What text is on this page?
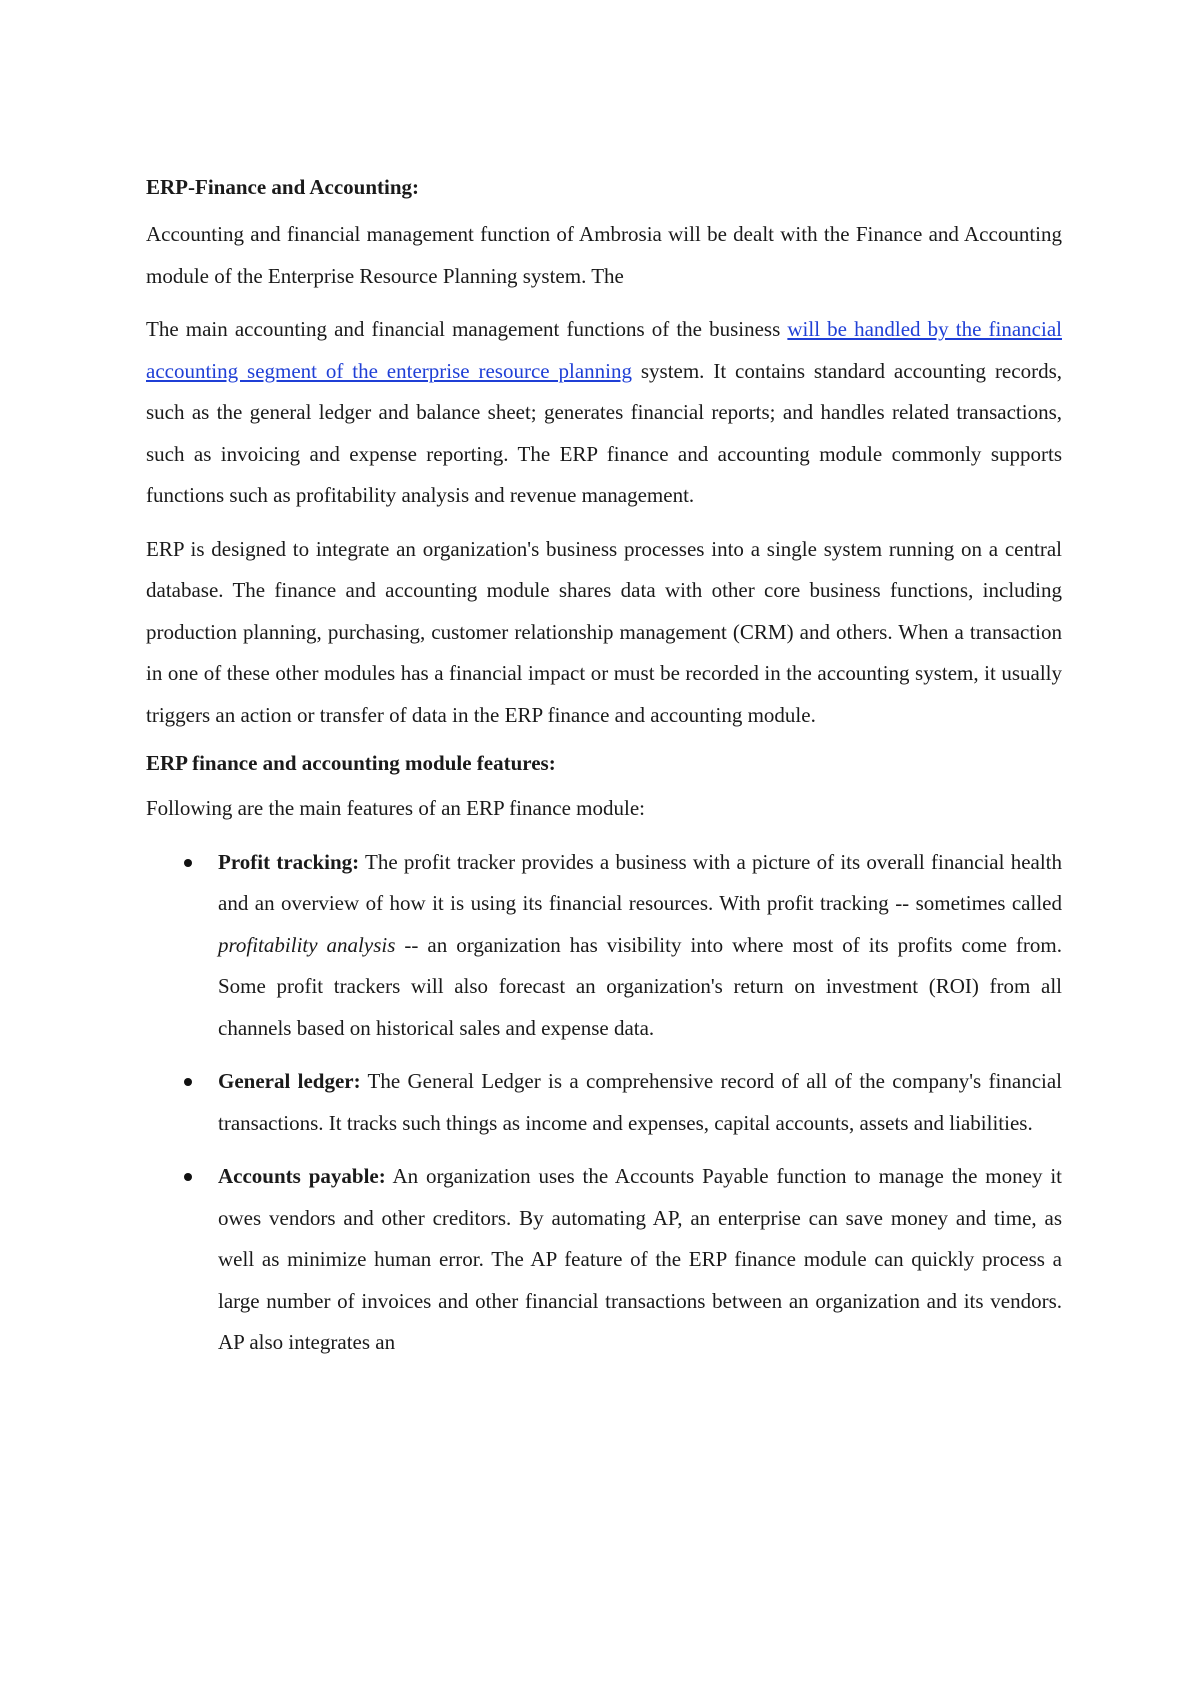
ERP-Finance and Accounting:

Accounting and financial management function of Ambrosia will be dealt with the Finance and Accounting module of the Enterprise Resource Planning system. The

The main accounting and financial management functions of the business will be handled by the financial accounting segment of the enterprise resource planning system. It contains standard accounting records, such as the general ledger and balance sheet; generates financial reports; and handles related transactions, such as invoicing and expense reporting. The ERP finance and accounting module commonly supports functions such as profitability analysis and revenue management.

ERP is designed to integrate an organization's business processes into a single system running on a central database. The finance and accounting module shares data with other core business functions, including production planning, purchasing, customer relationship management (CRM) and others. When a transaction in one of these other modules has a financial impact or must be recorded in the accounting system, it usually triggers an action or transfer of data in the ERP finance and accounting module.

ERP finance and accounting module features:

Following are the main features of an ERP finance module:

Profit tracking: The profit tracker provides a business with a picture of its overall financial health and an overview of how it is using its financial resources. With profit tracking -- sometimes called profitability analysis -- an organization has visibility into where most of its profits come from. Some profit trackers will also forecast an organization's return on investment (ROI) from all channels based on historical sales and expense data.
General ledger: The General Ledger is a comprehensive record of all of the company's financial transactions. It tracks such things as income and expenses, capital accounts, assets and liabilities.
Accounts payable: An organization uses the Accounts Payable function to manage the money it owes vendors and other creditors. By automating AP, an enterprise can save money and time, as well as minimize human error. The AP feature of the ERP finance module can quickly process a large number of invoices and other financial transactions between an organization and its vendors. AP also integrates an
